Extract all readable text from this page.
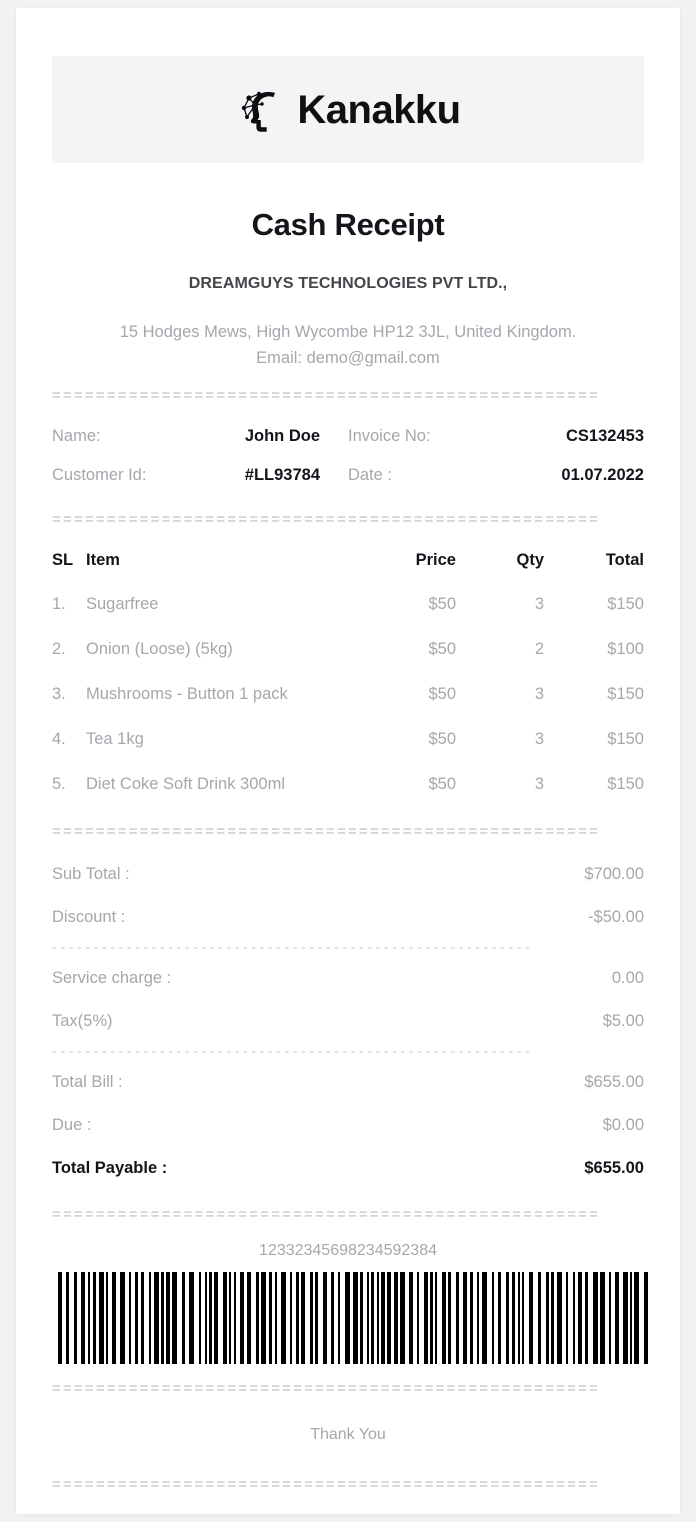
Kanakku
Cash Receipt
DREAMGUYS TECHNOLOGIES PVT LTD.,
15 Hodges Mews, High Wycombe HP12 3JL, United Kingdom.
Email: demo@gmail.com
==================================================
Name:	John Doe	Invoice No:	CS132453
Customer Id:	#LL93784	Date :	01.07.2022
==================================================
SL	Item	Price	Qty	Total
1.	Sugarfree	$50	3	$150
2.	Onion (Loose) (5kg)	$50	2	$100
3.	Mushrooms - Button 1 pack	$50	3	$150
4.	Tea 1kg	$50	3	$150
5.	Diet Coke Soft Drink 300ml	$50	3	$150
==================================================
Sub Total :	$700.00
Discount :	-$50.00
----------------------------------------------------------
Service charge :	0.00
Tax(5%)	$5.00
----------------------------------------------------------
Total Bill :	$655.00
Due :	$0.00
Total Payable :	$655.00
==================================================
12332345698234592384
==================================================
Thank You
==================================================
